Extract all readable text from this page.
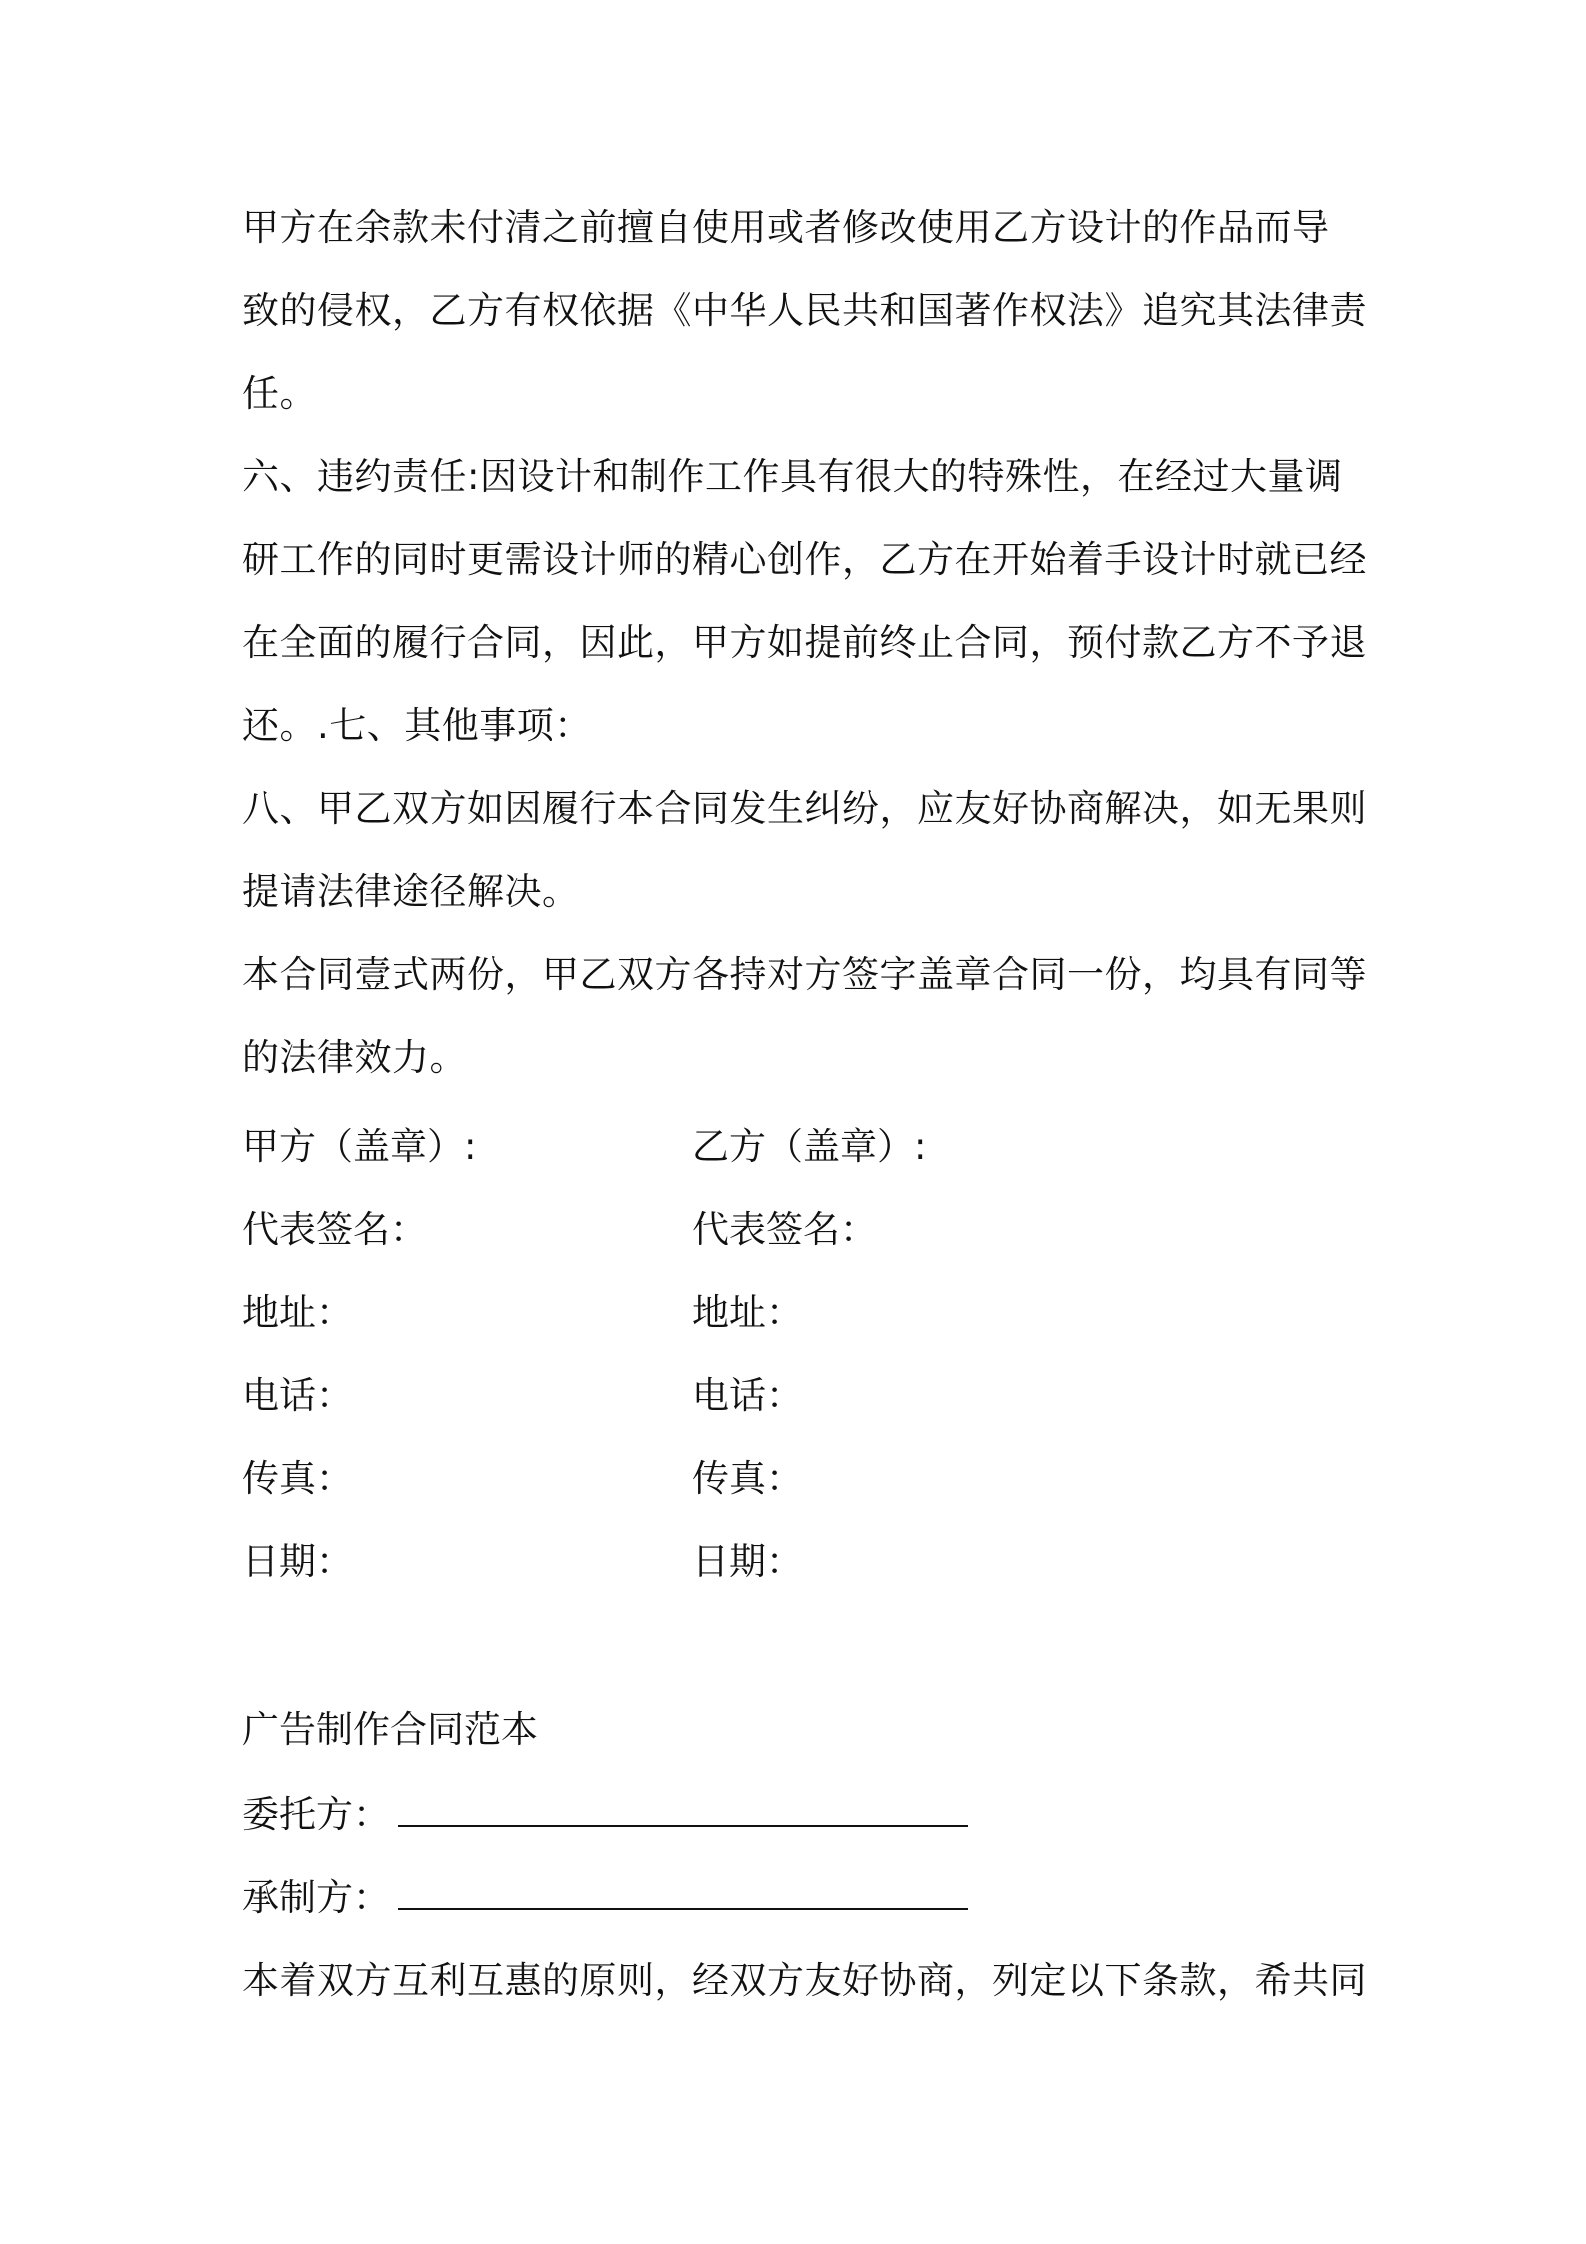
甲方在余款未付清之前擅自使用或者修改使用乙方设计的作品而导
致的侵权，乙方有权依据《中华人民共和国著作权法》追究其法律责
任。
六、违约责任:因设计和制作工作具有很大的特殊性，在经过大量调
研工作的同时更需设计师的精心创作，乙方在开始着手设计时就已经
在全面的履行合同，因此，甲方如提前终止合同，预付款乙方不予退
还。.七、其他事项：
八、甲乙双方如因履行本合同发生纠纷，应友好协商解决，如无果则
提请法律途径解决。
本合同壹式两份，甲乙双方各持对方签字盖章合同一份，均具有同等
的法律效力。
甲方（盖章）:	乙方（盖章）:
代表签名：	代表签名：
地址：	地址：
电话：	电话：
传真：	传真：
日期：	日期：
广告制作合同范本
委托方：
承制方：
本着双方互利互惠的原则，经双方友好协商，列定以下条款，希共同
